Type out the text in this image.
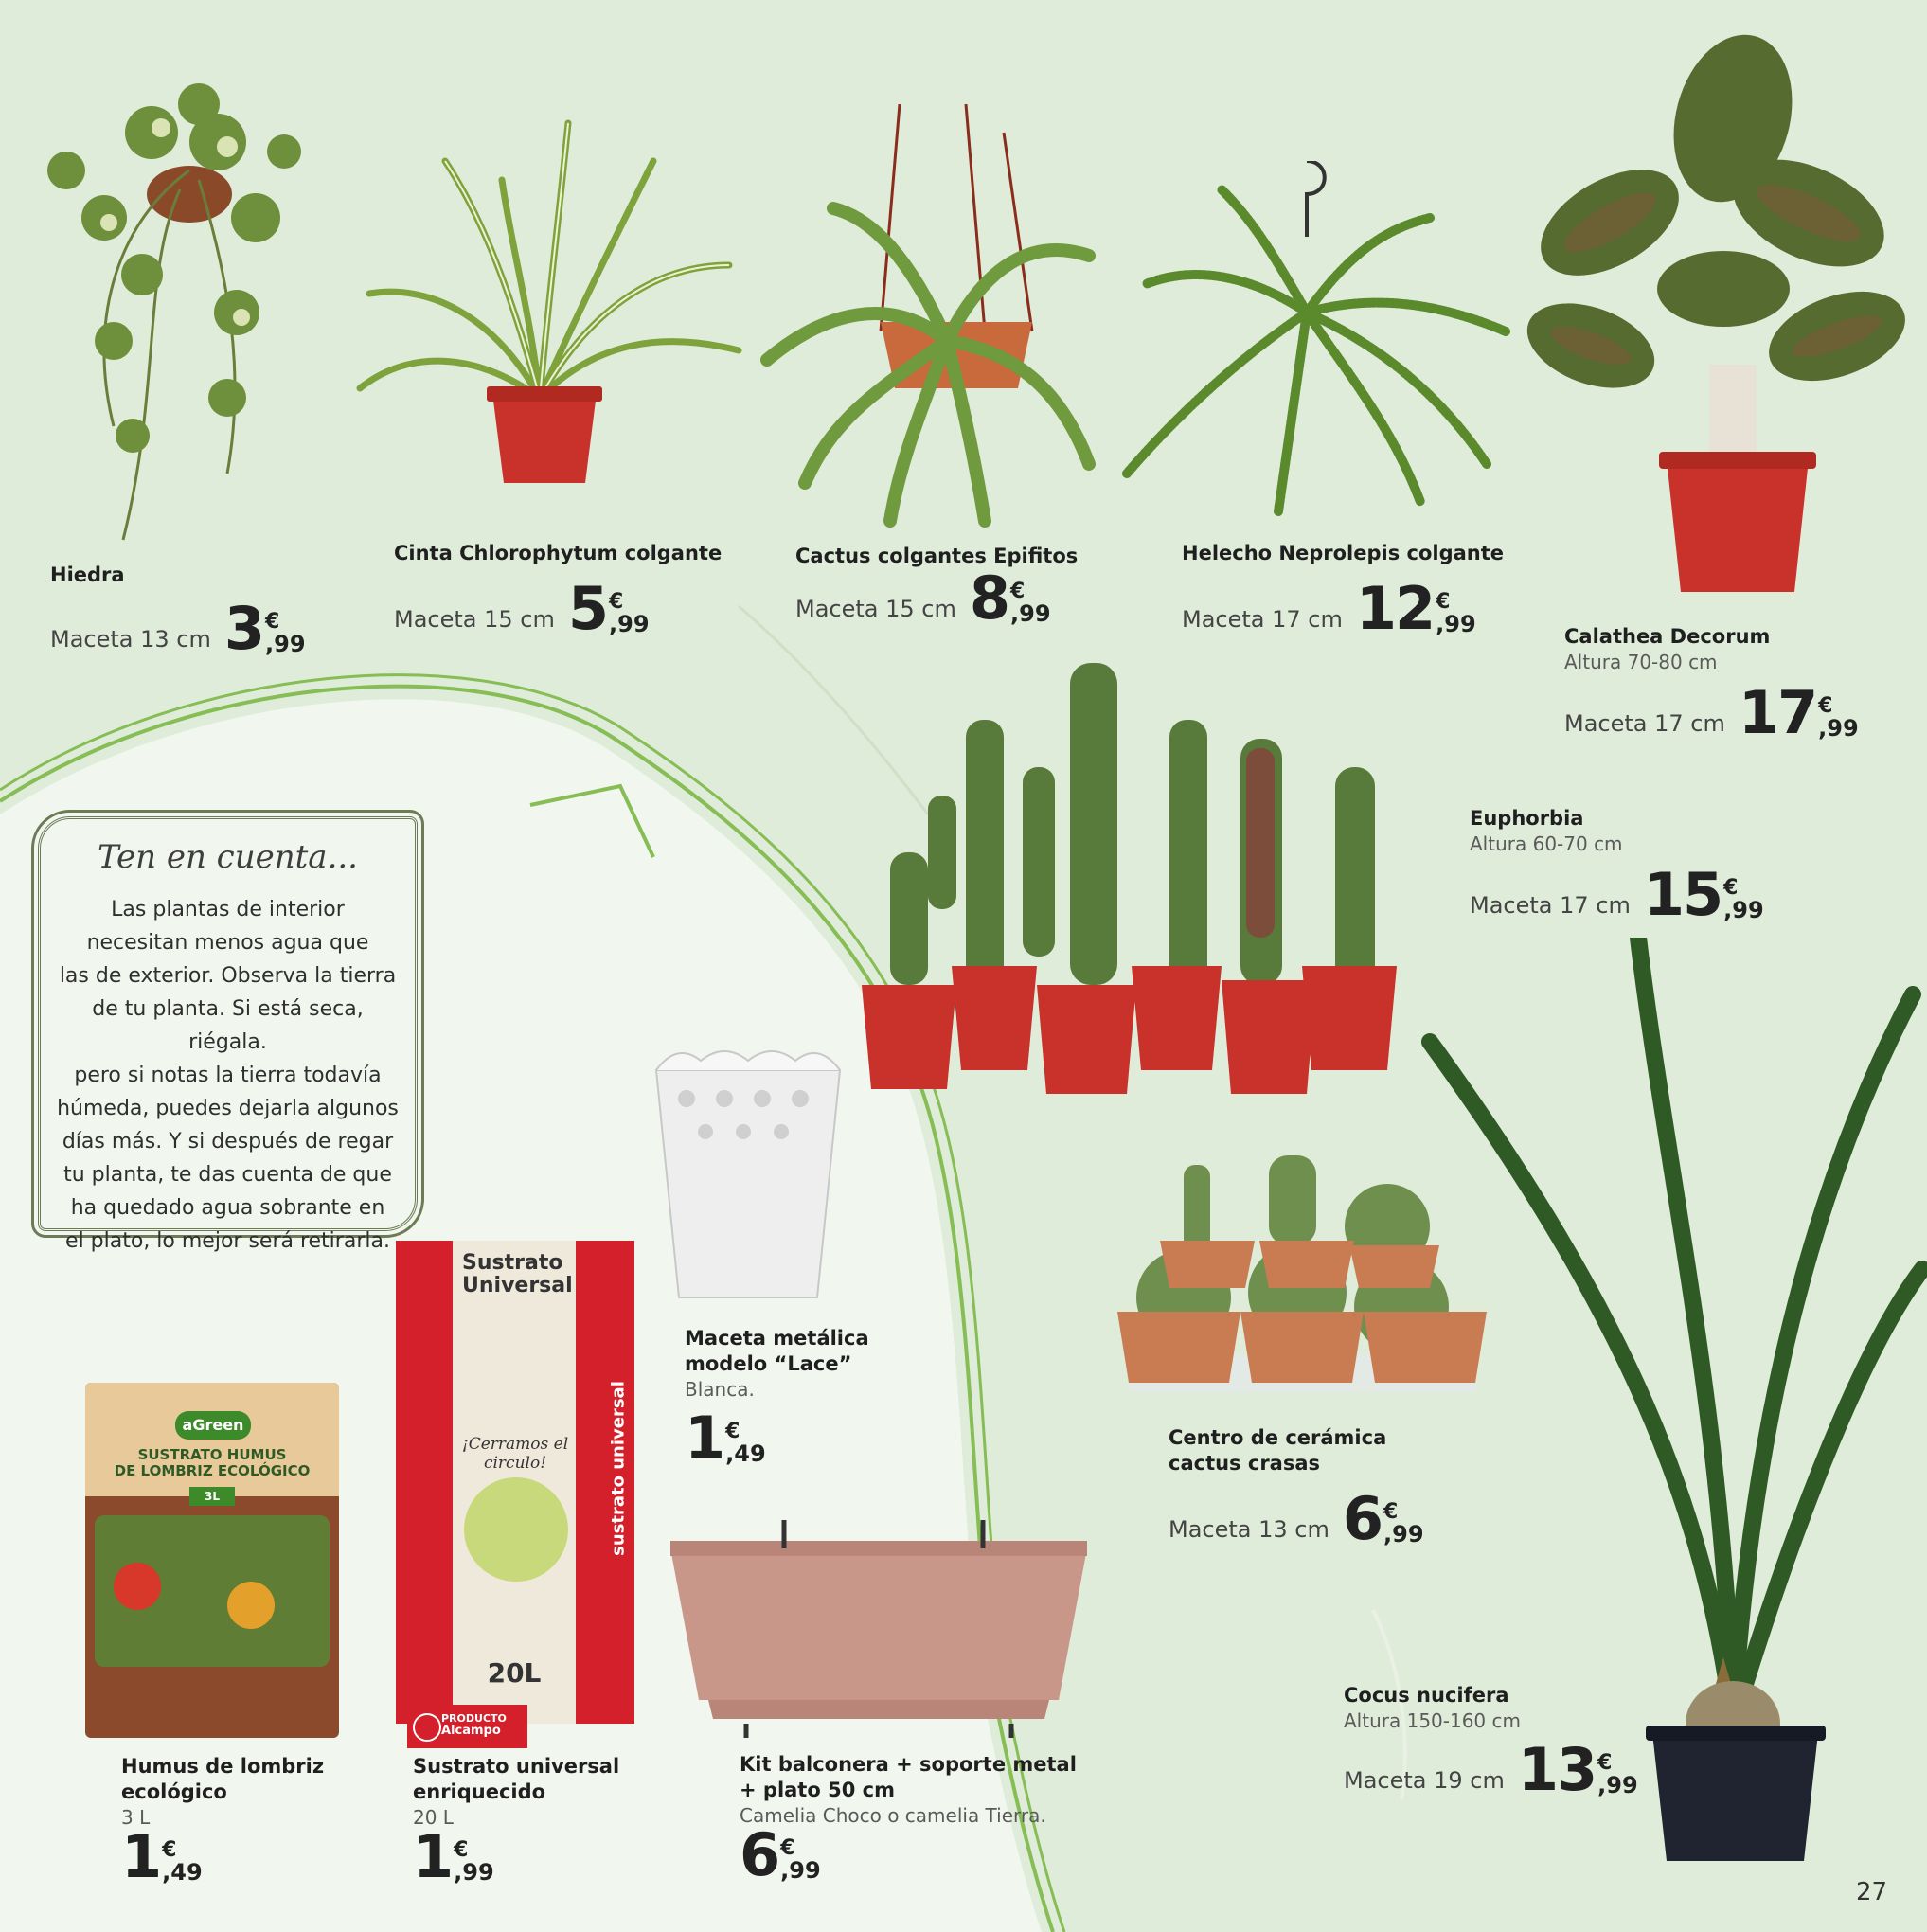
aGreen
SUSTRATO HUMUS
DE LOMBRIZ ECOLÓGICO
3L
Sustrato
Universal
¡Cerramos el circulo!
20L
sustrato universal
PRODUCTO
Alcampo
Ten en cuenta...
Las plantas de interior
necesitan menos agua que
las de exterior. Observa la tierra
de tu planta. Si está seca, riégala.
pero si notas la tierra todavía
húmeda, puedes dejarla algunos
días más. Y si después de regar
tu planta, te das cuenta de que
ha quedado agua sobrante en
el plato, lo mejor será retirarla.
Hiedra
Maceta 13 cm 3 €
,99
Cinta Chlorophytum colgante
Maceta 15 cm 5 €
,99
Cactus colgantes Epifitos
Maceta 15 cm 8 €
,99
Helecho Neprolepis colgante
Maceta 17 cm 12 €
,99	Calathea Decorum
Altura 70-80 cm
Maceta 17 cm 17 €
,99
Euphorbia
Altura 60-70 cm
Maceta 17 cm 15 €
,99
Centro de cerámica
cactus crasas
Maceta 13 cm 6 €
,99
Cocus nucifera
Altura 150-160 cm
Maceta 19 cm 13 €
,99
Maceta metálica
modelo “Lace”
Blanca.
1 €
,49
Humus de lombriz
ecológico
3 L
1 €
,49
Sustrato universal
enriquecido
20 L
1 €
,99
Kit balconera + soporte metal
+ plato 50 cm
Camelia Choco o camelia Tierra.
6 €
,99
27
